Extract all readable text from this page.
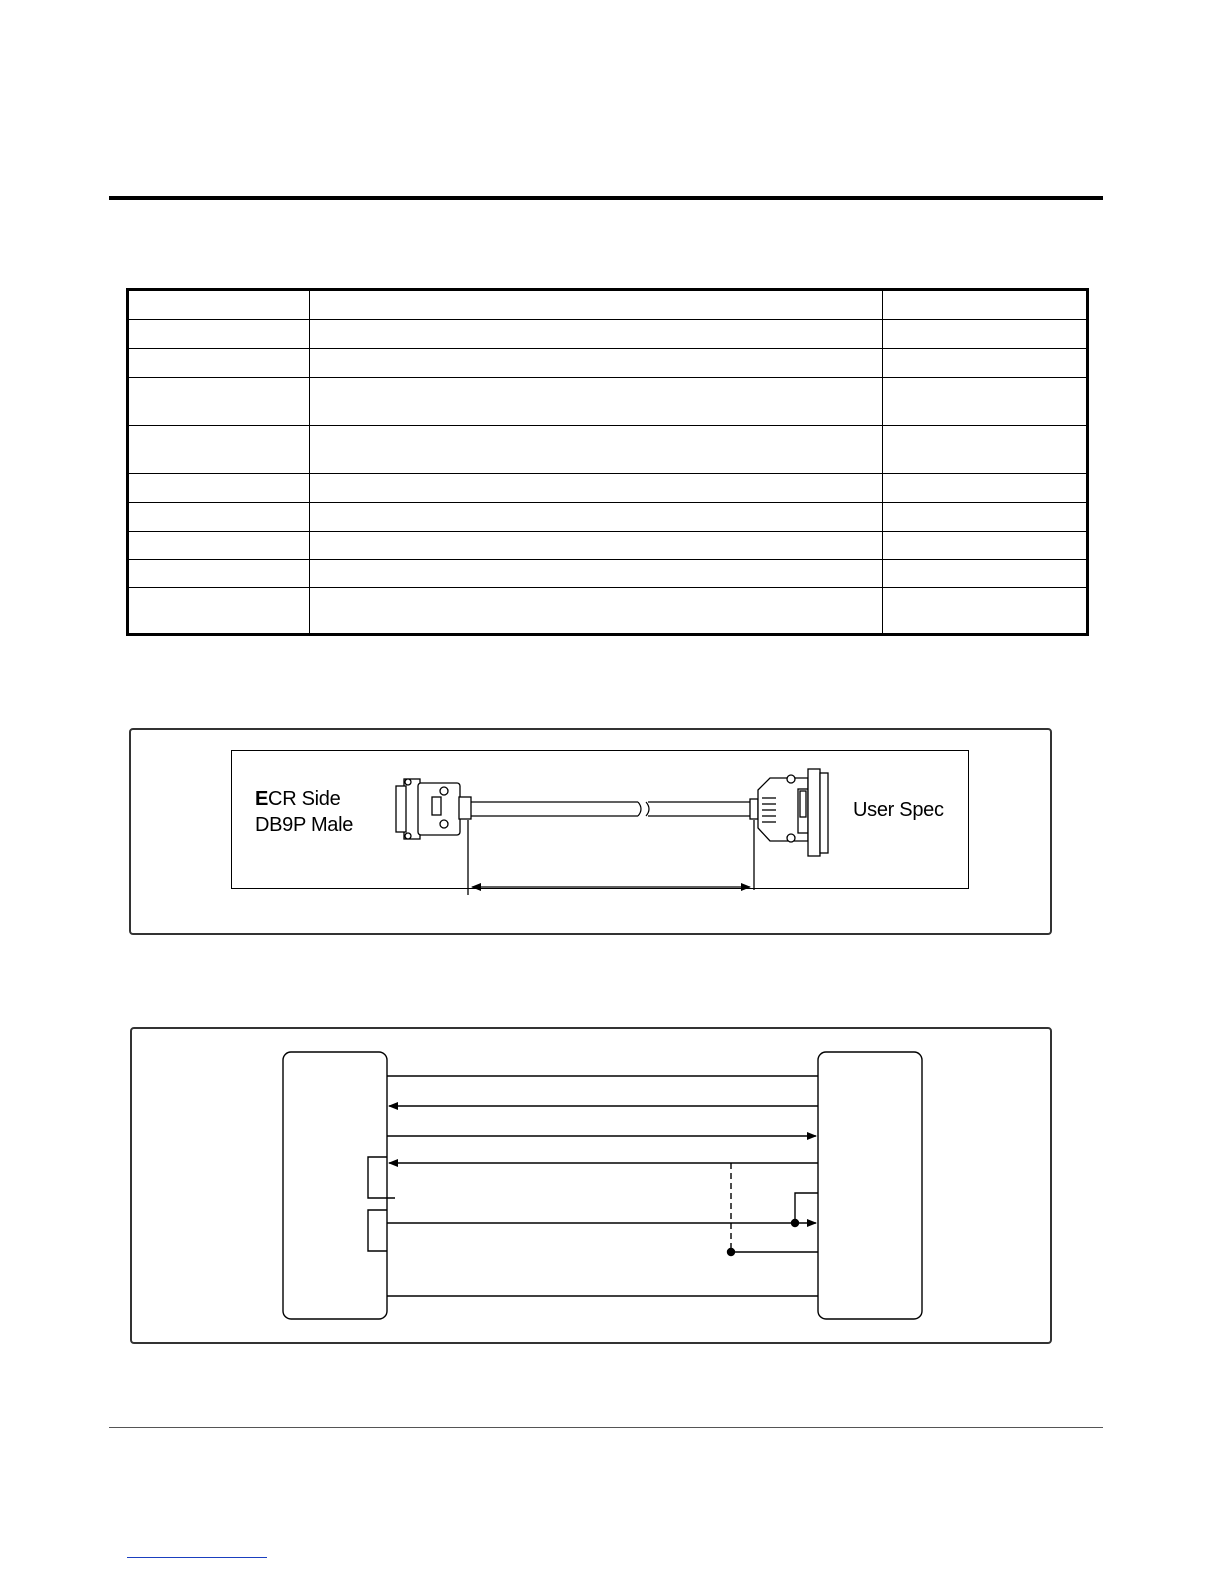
ECR Side
DB9P Male
User Spec
